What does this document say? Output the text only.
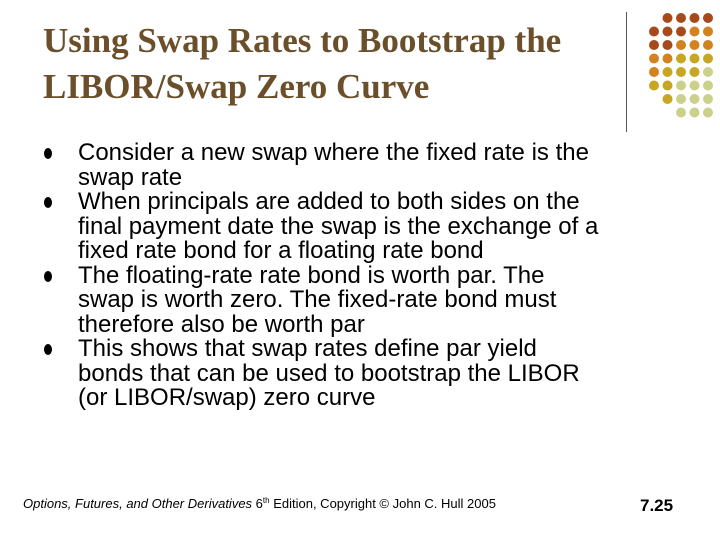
Using Swap Rates to Bootstrap the
LIBOR/Swap Zero Curve
Consider a new swap where the fixed rate is the
swap rate
When principals are added to both sides on the
final payment date the swap is the exchange of a
fixed rate bond for a floating rate bond
The floating-rate rate bond is worth par. The
swap is worth zero. The fixed-rate bond must
therefore also be worth par
This shows that swap rates define par yield
bonds that can be used to bootstrap the LIBOR
(or LIBOR/swap) zero curve
Options, Futures, and Other Derivatives 6th Edition, Copyright © John C. Hull 2005	7.25
